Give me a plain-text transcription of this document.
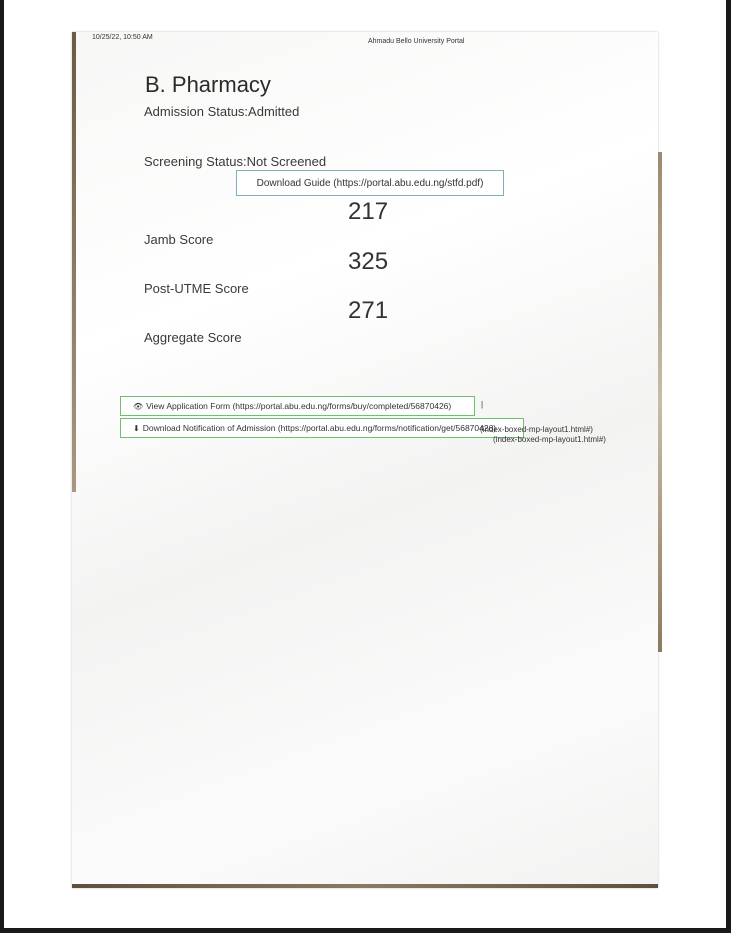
10/25/22, 10:50 AM
Ahmadu Bello University Portal
B. Pharmacy
Admission Status:Admitted
Screening Status:Not Screened
Download Guide (https://portal.abu.edu.ng/stfd.pdf)
217
Jamb Score
325
Post-UTME Score
271
Aggregate Score
👁 View Application Form (https://portal.abu.edu.ng/forms/buy/completed/56870426)	|
⬇ Download Notification of Admission (https://portal.abu.edu.ng/forms/notification/get/56870426)
(index-boxed-mp-layout1.html#)
(index-boxed-mp-layout1.html#)
